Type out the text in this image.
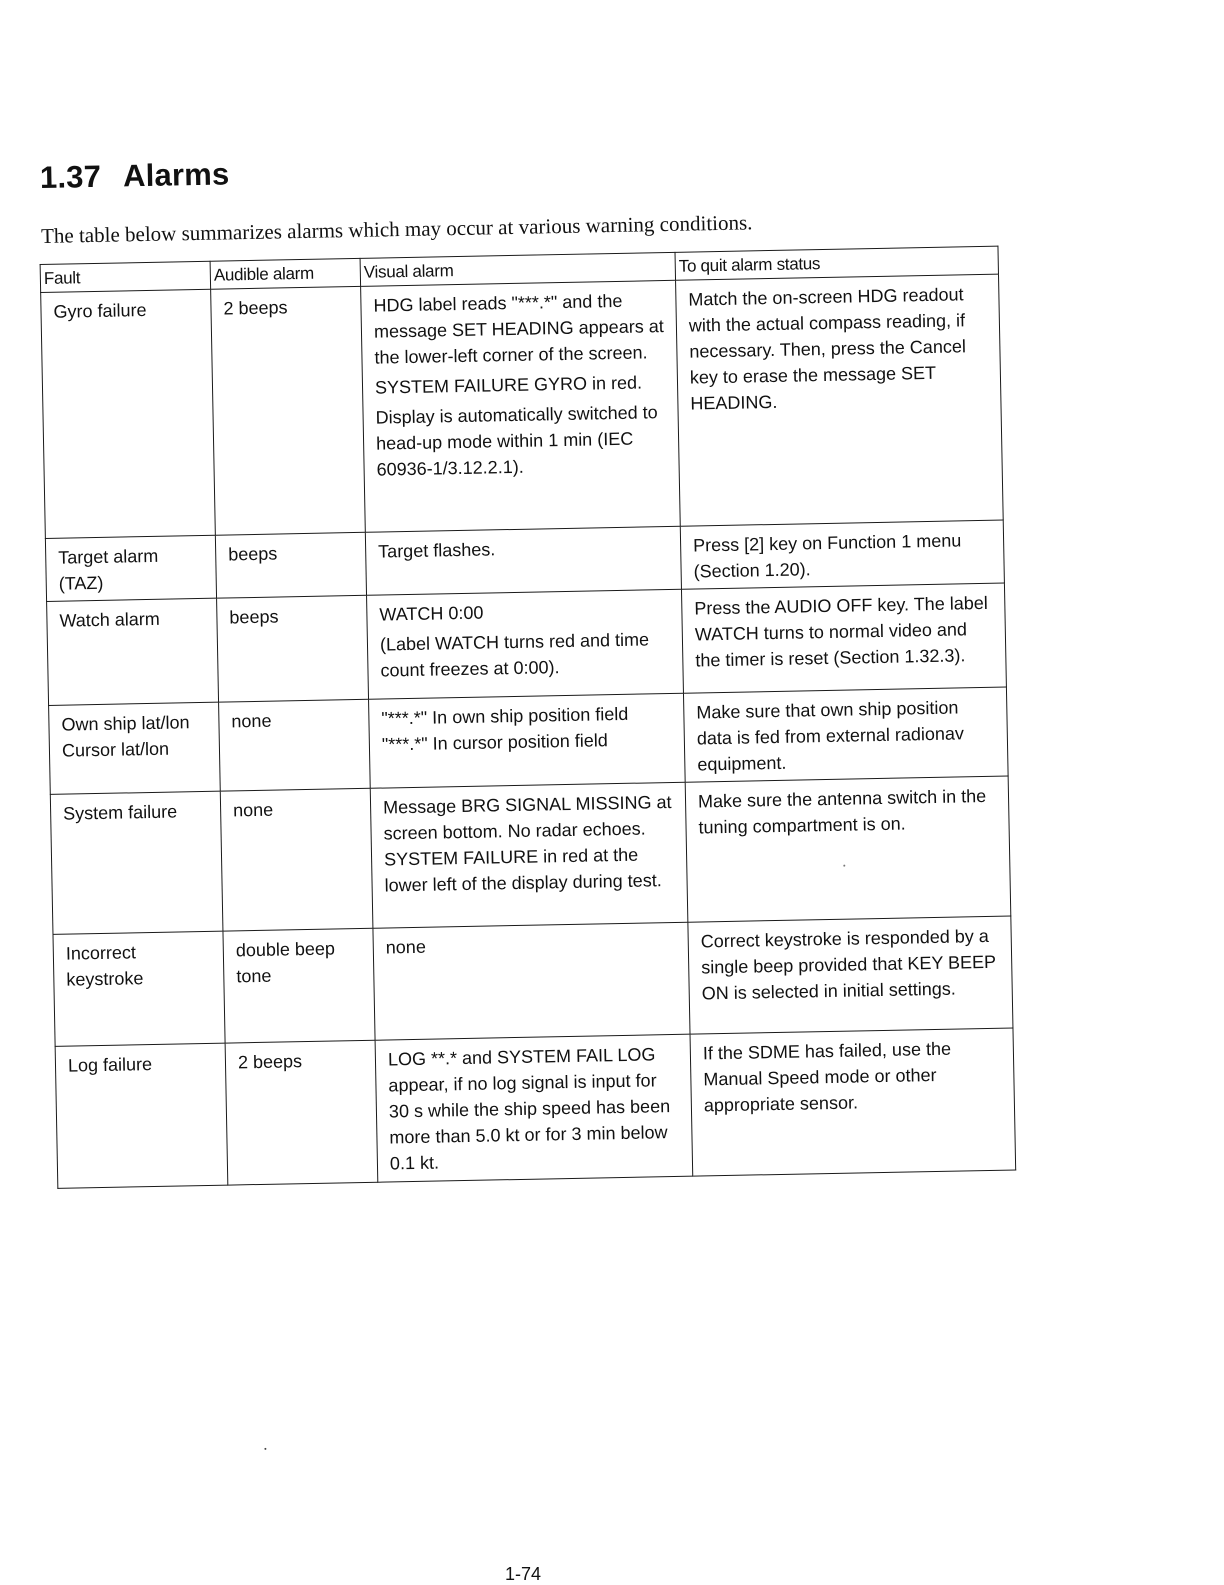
1.37 Alarms
The table below summarizes alarms which may occur at various warning conditions.
Fault	Audible alarm	Visual alarm	To quit alarm status

Gyro failure	2 beeps	HDG label reads "***.*" and the message SET HEADING appears at the lower-left corner of the screen.
SYSTEM FAILURE GYRO in red.
Display is automatically switched to head-up mode within 1 min (IEC 60936-1/3.12.2.1).	Match the on-screen HDG readout with the actual compass reading, if necessary. Then, press the Cancel key to erase the message SET HEADING.

Target alarm (TAZ)	beeps	Target flashes.	Press [2] key on Function 1 menu (Section 1.20).

Watch alarm	beeps	WATCH 0:00
(Label WATCH turns red and time count freezes at 0:00).	Press the AUDIO OFF key. The label WATCH turns to normal video and the timer is reset (Section 1.32.3).

Own ship lat/lon
Cursor lat/lon	none	"***.*" In own ship position field
"***.*" In cursor position field	Make sure that own ship position data is fed from external radionav equipment.

System failure	none	Message BRG SIGNAL MISSING at screen bottom. No radar echoes. SYSTEM FAILURE in red at the lower left of the display during test.	Make sure the antenna switch in the tuning compartment is on.

Incorrect keystroke	double beep tone	none	Correct keystroke is responded by a single beep provided that KEY BEEP ON is selected in initial settings.

Log failure	2 beeps	LOG **.* and SYSTEM FAIL LOG appear, if no log signal is input for 30 s while the ship speed has been more than 5.0 kt or for 3 min below 0.1 kt.	If the SDME has failed, use the Manual Speed mode or other appropriate sensor.
1-74
